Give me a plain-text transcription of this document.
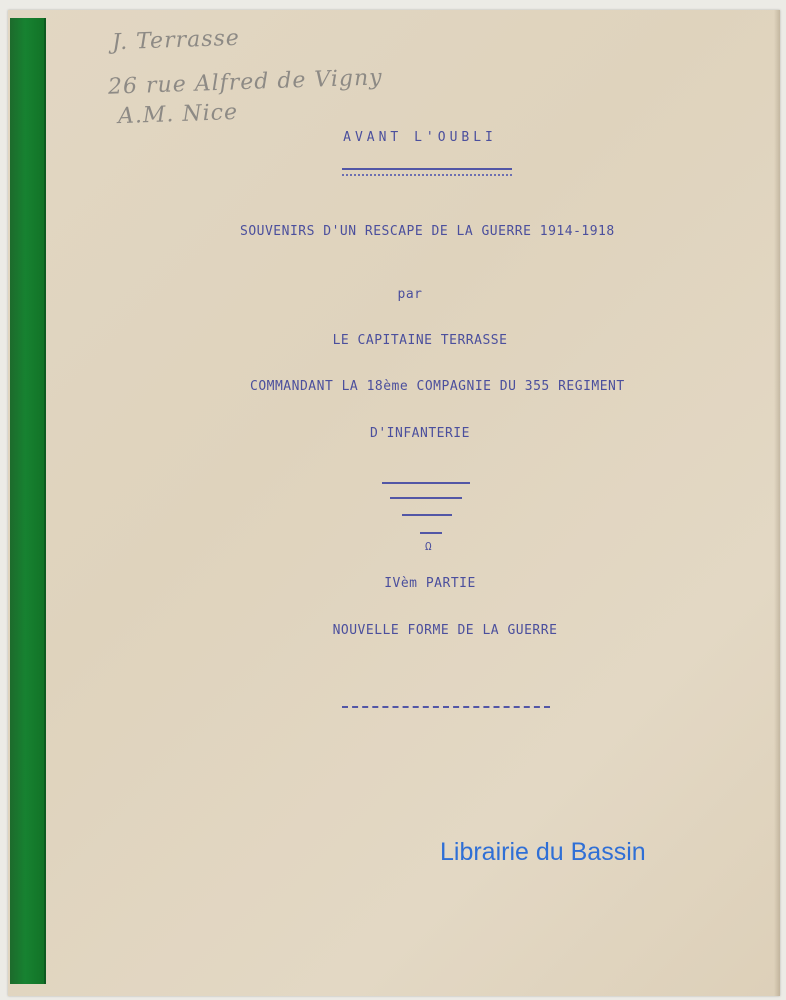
J. Terrasse
26 rue Alfred de Vigny
A.M. Nice
AVANT L'OUBLI
SOUVENIRS D'UN RESCAPE DE LA GUERRE 1914-1918
par
LE CAPITAINE TERRASSE
COMMANDANT LA 18ème COMPAGNIE DU 355 REGIMENT
D'INFANTERIE
Ω
IVèm PARTIE
NOUVELLE FORME DE LA GUERRE
Librairie du Bassin
